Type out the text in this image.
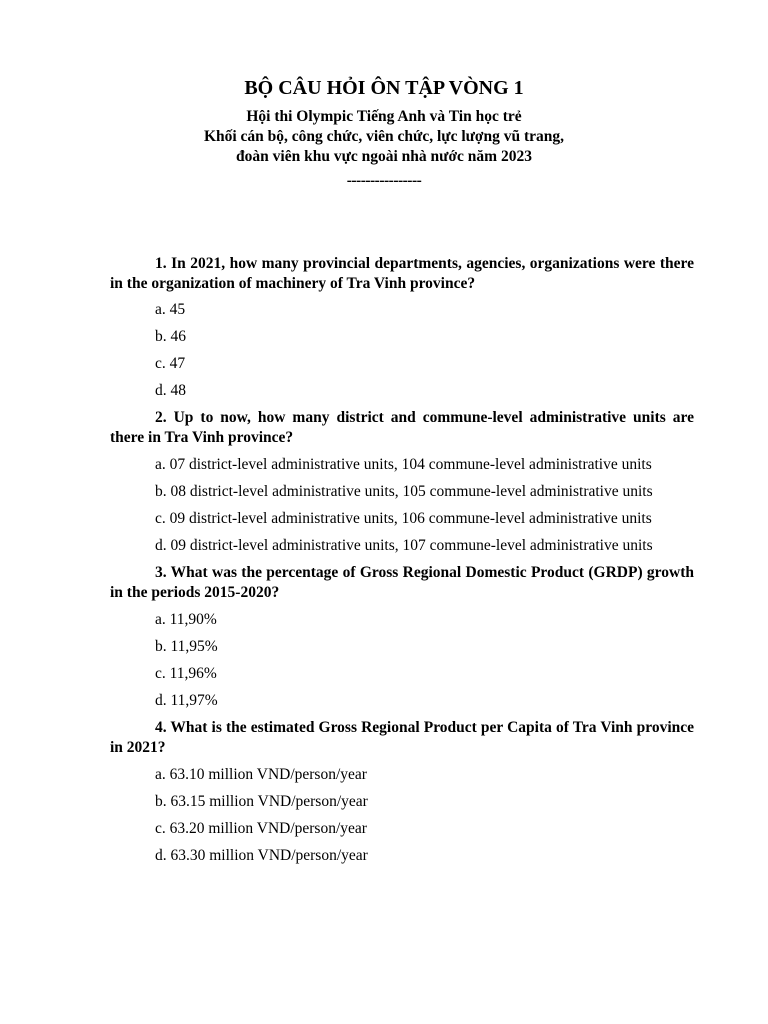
BỘ CÂU HỎI ÔN TẬP VÒNG 1
Hội thi Olympic Tiếng Anh và Tin học trẻ
Khối cán bộ, công chức, viên chức, lực lượng vũ trang,
đoàn viên khu vực ngoài nhà nước năm 2023
----------------

1. In 2021, how many provincial departments, agencies, organizations were there in the organization of machinery of Tra Vinh province?

a. 45

b. 46

c. 47

d. 48

2. Up to now, how many district and commune-level administrative units are there in Tra Vinh province?

a. 07 district-level administrative units, 104 commune-level administrative units

b. 08 district-level administrative units, 105 commune-level administrative units

c. 09 district-level administrative units, 106 commune-level administrative units

d. 09 district-level administrative units, 107 commune-level administrative units

3. What was the percentage of Gross Regional Domestic Product (GRDP) growth in the periods 2015-2020?

a. 11,90%

b. 11,95%

c. 11,96%

d. 11,97%

4. What is the estimated Gross Regional Product per Capita of Tra Vinh province in 2021?

a. 63.10 million VND/person/year

b. 63.15 million VND/person/year

c. 63.20 million VND/person/year

d. 63.30 million VND/person/year
